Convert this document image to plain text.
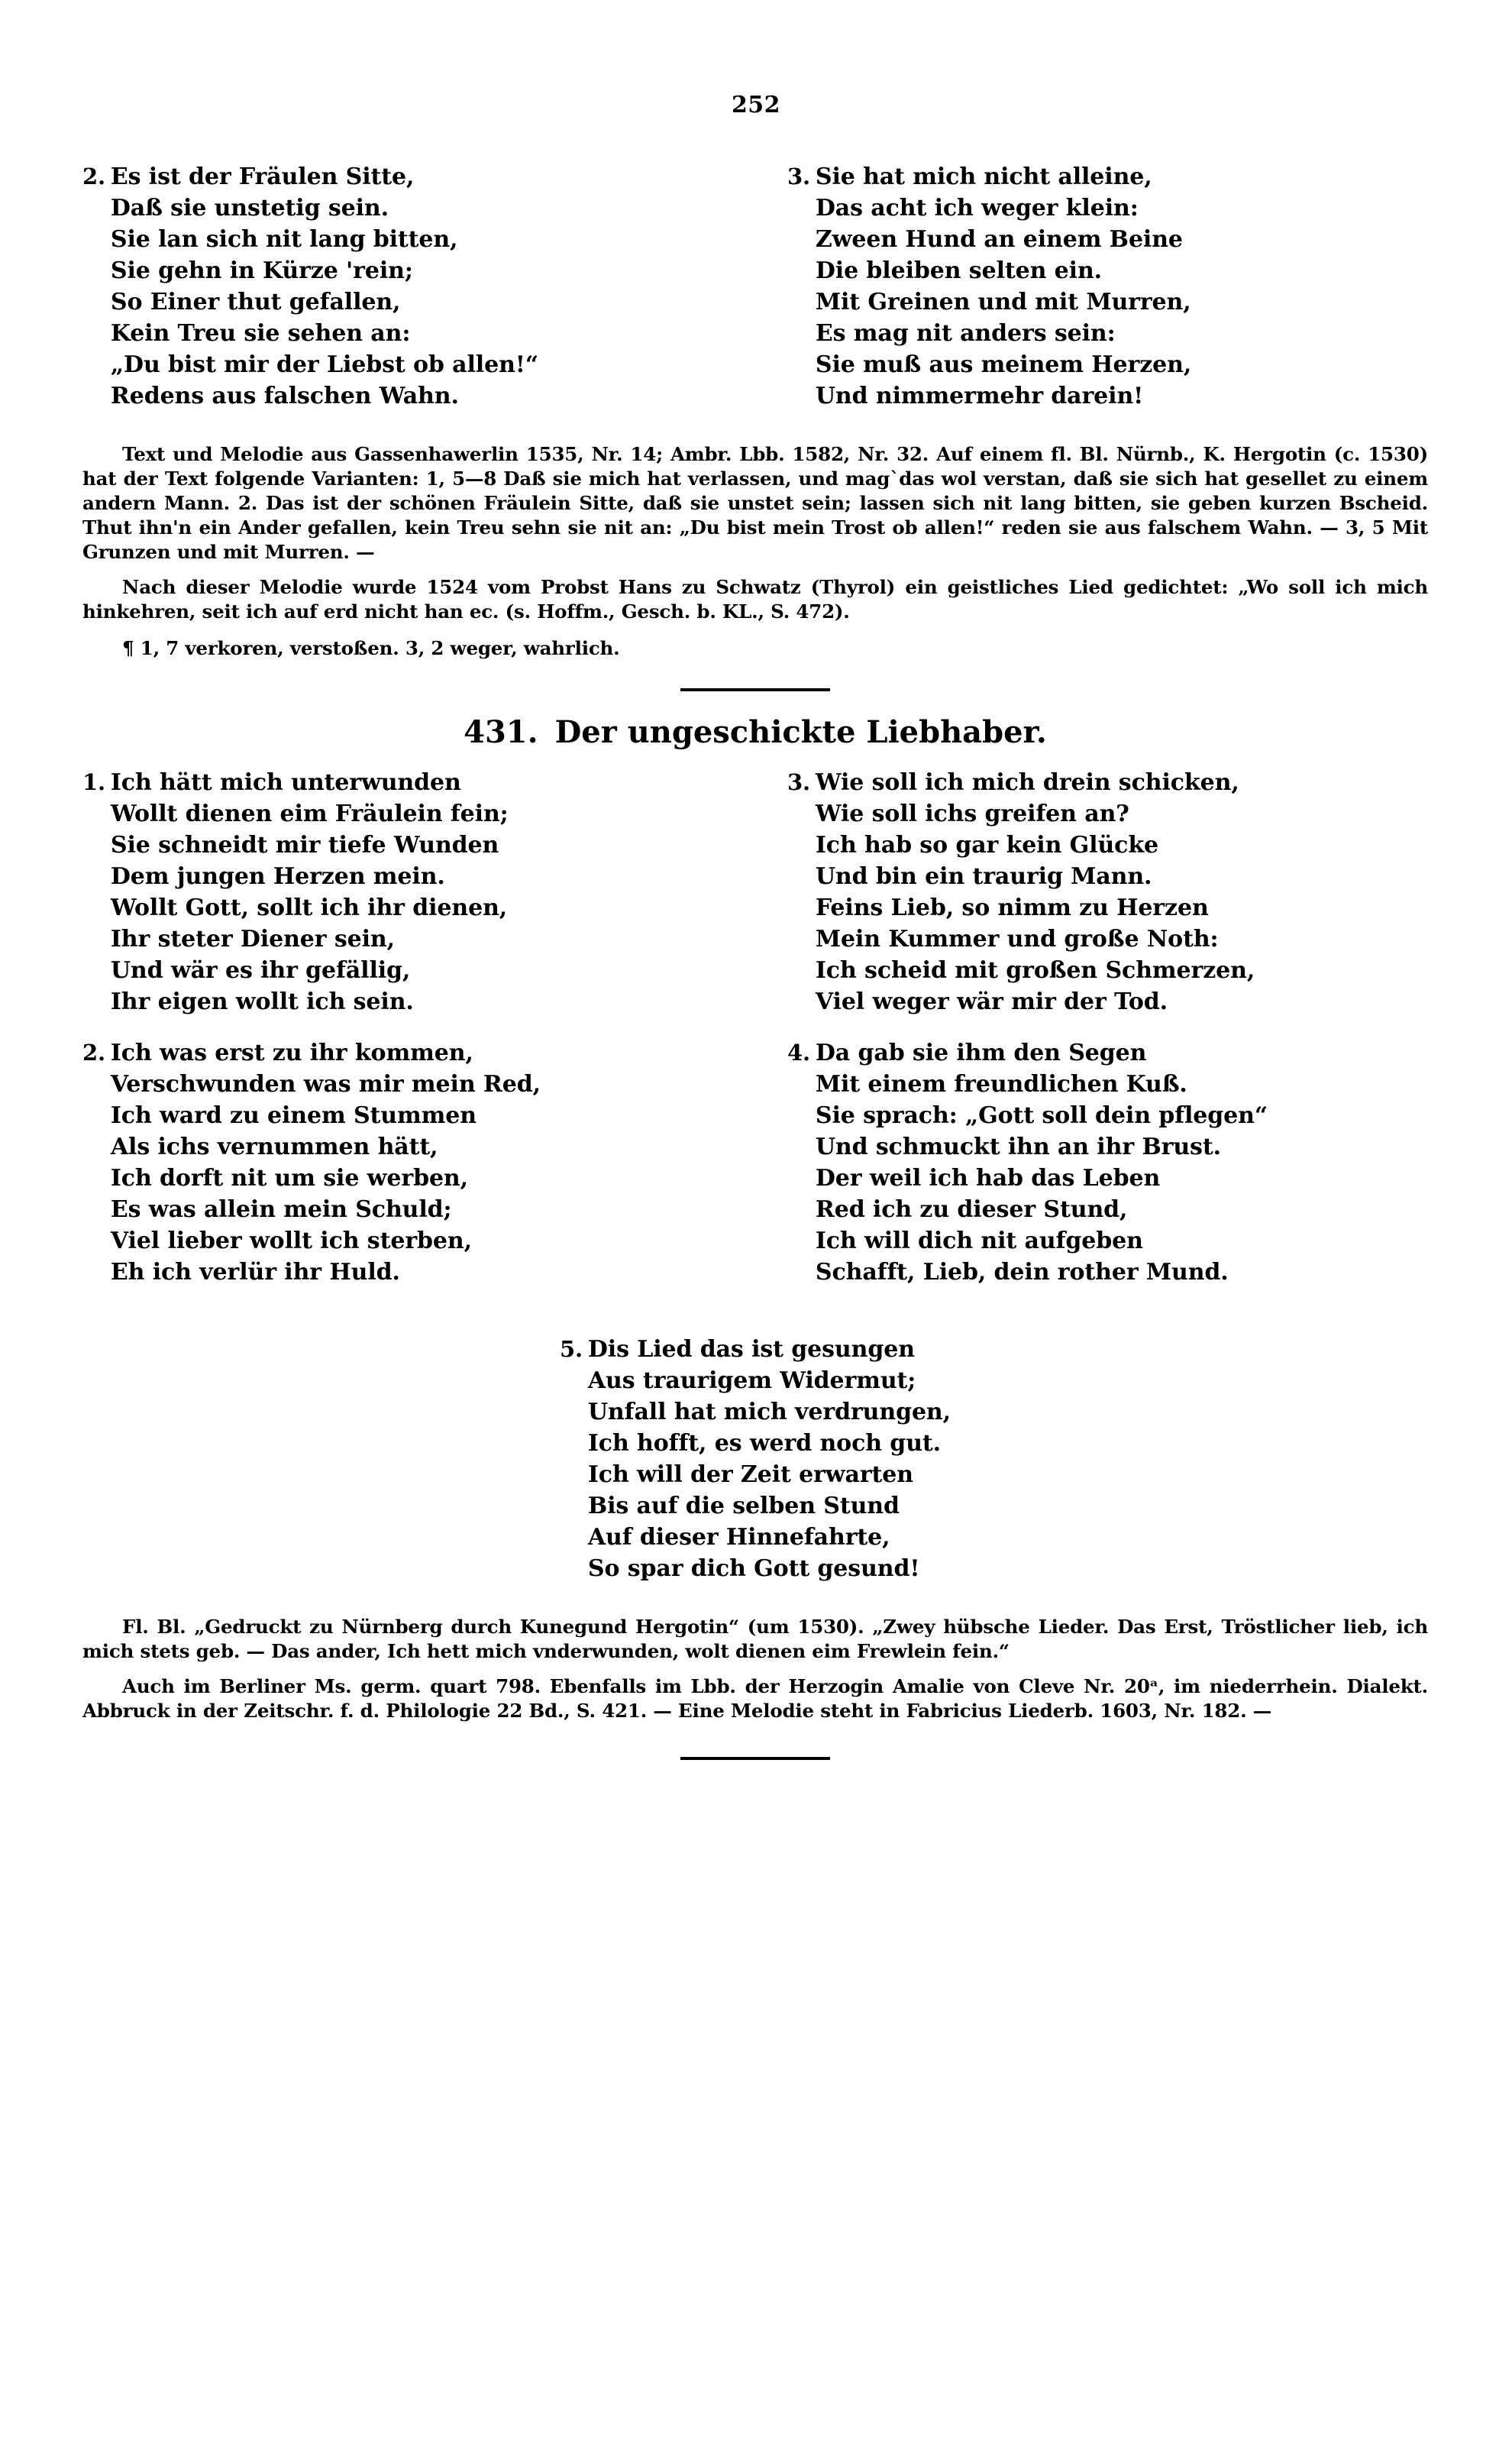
252
2. Es ist der Fräulen Sitte,
Daß sie unstetig sein.
Sie lan sich nit lang bitten,
Sie gehn in Kürze 'rein;
So Einer thut gefallen,
Kein Treu sie sehen an:
„Du bist mir der Liebst ob allen!“
Redens aus falschen Wahn.
3. Sie hat mich nicht alleine,
Das acht ich weger klein:
Zween Hund an einem Beine
Die bleiben selten ein.
Mit Greinen und mit Murren,
Es mag nit anders sein:
Sie muß aus meinem Herzen,
Und nimmermehr darein!
Text und Melodie aus Gassenhawerlin 1535, Nr. 14; Ambr. Lbb. 1582, Nr. 32. Auf einem fl. Bl. Nürnb., K. Hergotin (c. 1530) hat der Text folgende Varianten: 1, 5—8 Daß sie mich hat verlassen, und mag`das wol verstan, daß sie sich hat gesellet zu einem andern Mann. 2. Das ist der schönen Fräulein Sitte, daß sie unstet sein; lassen sich nit lang bitten, sie geben kurzen Bscheid. Thut ihn'n ein Ander gefallen, kein Treu sehn sie nit an: „Du bist mein Trost ob allen!“ reden sie aus falschem Wahn. — 3, 5 Mit Grunzen und mit Murren. —
Nach dieser Melodie wurde 1524 vom Probst Hans zu Schwatz (Thyrol) ein geistliches Lied gedichtet: „Wo soll ich mich hinkehren, seit ich auf erd nicht han ec. (s. Hoffm., Gesch. b. KL., S. 472).
¶ 1, 7 verkoren, verstoßen. 3, 2 weger, wahrlich.
431. Der ungeschickte Liebhaber.
1. Ich hätt mich unterwunden
Wollt dienen eim Fräulein fein;
Sie schneidt mir tiefe Wunden
Dem jungen Herzen mein.
Wollt Gott, sollt ich ihr dienen,
Ihr steter Diener sein,
Und wär es ihr gefällig,
Ihr eigen wollt ich sein.
2. Ich was erst zu ihr kommen,
Verschwunden was mir mein Red,
Ich ward zu einem Stummen
Als ichs vernummen hätt,
Ich dorft nit um sie werben,
Es was allein mein Schuld;
Viel lieber wollt ich sterben,
Eh ich verlür ihr Huld.
3. Wie soll ich mich drein schicken,
Wie soll ichs greifen an?
Ich hab so gar kein Glücke
Und bin ein traurig Mann.
Feins Lieb, so nimm zu Herzen
Mein Kummer und große Noth:
Ich scheid mit großen Schmerzen,
Viel weger wär mir der Tod.
4. Da gab sie ihm den Segen
Mit einem freundlichen Kuß.
Sie sprach: „Gott soll dein pflegen“
Und schmuckt ihn an ihr Brust.
Der weil ich hab das Leben
Red ich zu dieser Stund,
Ich will dich nit aufgeben
Schafft, Lieb, dein rother Mund.
5. Dis Lied das ist gesungen
Aus traurigem Widermut;
Unfall hat mich verdrungen,
Ich hofft, es werd noch gut.
Ich will der Zeit erwarten
Bis auf die selben Stund
Auf dieser Hinnefahrte,
So spar dich Gott gesund!
Fl. Bl. „Gedruckt zu Nürnberg durch Kunegund Hergotin“ (um 1530). „Zwey hübsche Lieder. Das Erst, Tröstlicher lieb, ich mich stets geb. — Das ander, Ich hett mich vnderwunden, wolt dienen eim Frewlein fein.“
Auch im Berliner Ms. germ. quart 798. Ebenfalls im Lbb. der Herzogin Amalie von Cleve Nr. 20ᵃ, im niederrhein. Dialekt. Abbruck in der Zeitschr. f. d. Philologie 22 Bd., S. 421. — Eine Melodie steht in Fabricius Liederb. 1603, Nr. 182. —
